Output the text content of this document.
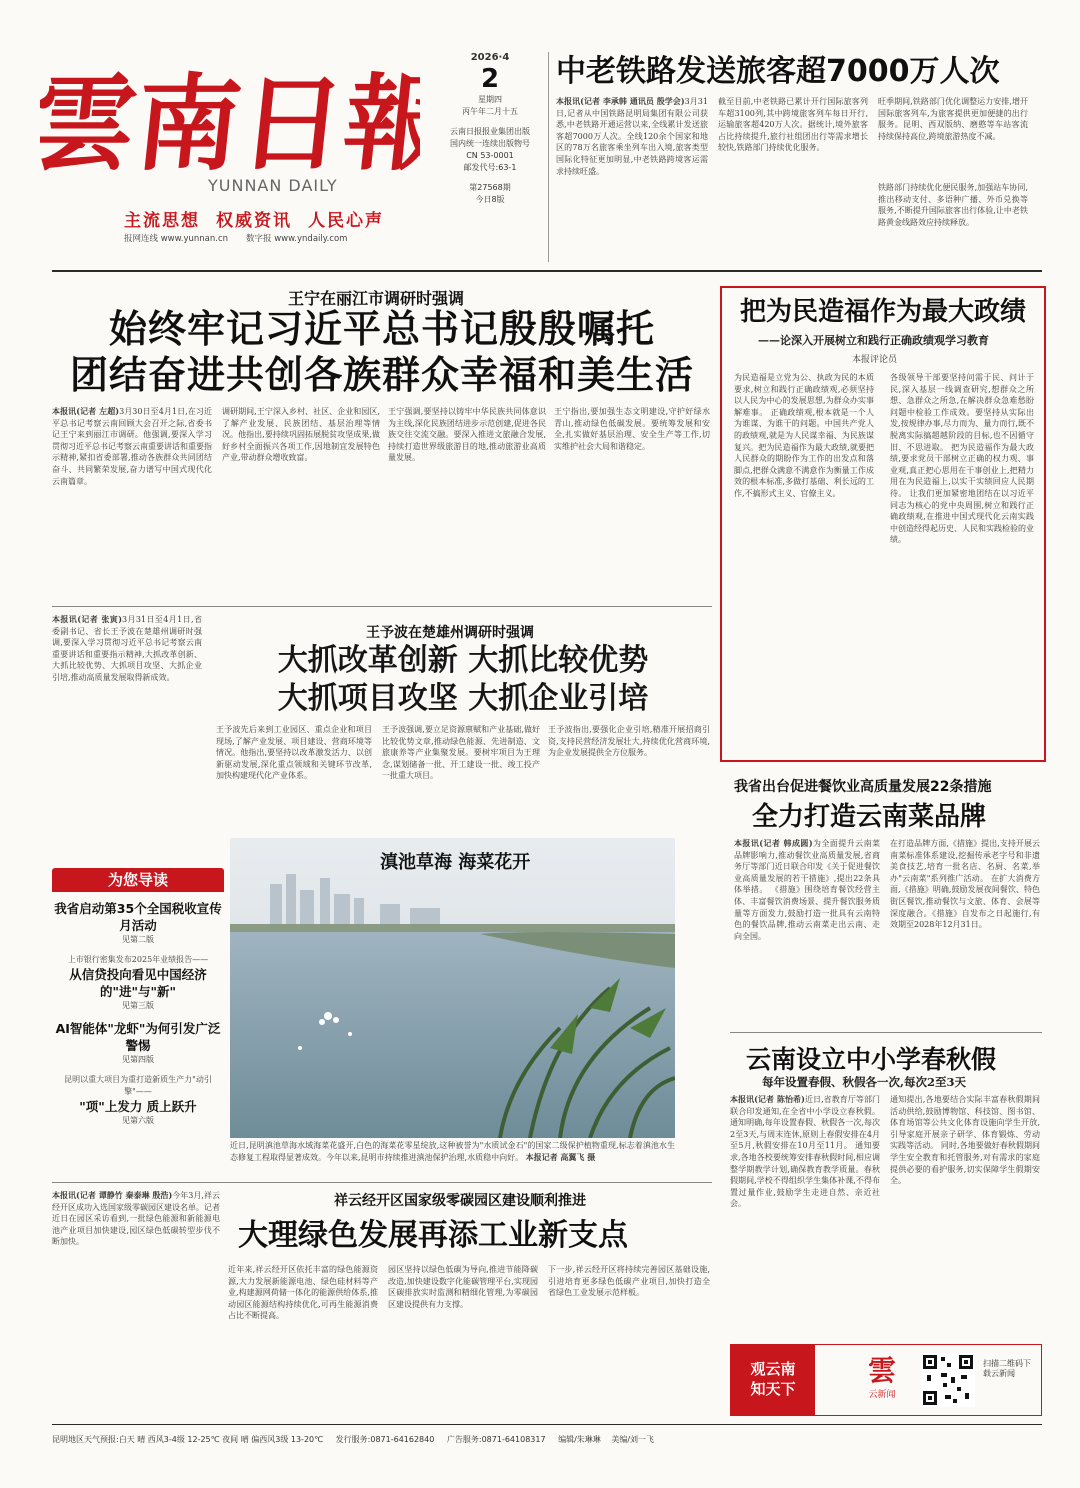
雲南日報
YUNNAN DAILY
主流思想 权威资讯 人民心声
报网连线 www.yunnan.cn 数字报 www.yndaily.com
2026·4
2
星期四
丙午年二月十五
云南日报报业集团出版
国内统一连续出版物号
CN 53-0001
邮发代号:63-1
第27568期
今日8版
中老铁路发送旅客超7000万人次
本报讯(记者 李承韩 通讯员 殷学会)3月31日,记者从中国铁路昆明局集团有限公司获悉,中老铁路开通运营以来,全线累计发送旅客超7000万人次。全线120余个国家和地区的78万名旅客乘坐列车出入境,旅客类型国际化特征更加明显,中老铁路跨境客运需求持续旺盛。
截至目前,中老铁路已累计开行国际旅客列车超3100列,其中跨境旅客列车每日开行,运输旅客超420万人次。据统计,境外旅客占比持续提升,旅行社组团出行等需求增长较快,铁路部门持续优化服务。
旺季期间,铁路部门优化调整运力安排,增开国际旅客列车,为旅客提供更加便捷的出行服务。昆明、西双版纳、磨憨等车站客流持续保持高位,跨境旅游热度不减。
铁路部门持续优化便民服务,加强站车协同,推出移动支付、多语种广播、外币兑换等服务,不断提升国际旅客出行体验,让中老铁路黄金线路效应持续释放。
王宁在丽江市调研时强调
始终牢记习近平总书记殷殷嘱托
团结奋进共创各族群众幸福和美生活
本报讯(记者 左超)3月30日至4月1日,在习近平总书记考察云南回顾大会召开之际,省委书记王宁来到丽江市调研。他强调,要深入学习贯彻习近平总书记考察云南重要讲话和重要指示精神,紧扣省委部署,推动各族群众共同团结奋斗、共同繁荣发展,奋力谱写中国式现代化云南篇章。
调研期间,王宁深入乡村、社区、企业和园区,了解产业发展、民族团结、基层治理等情况。他指出,要持续巩固拓展脱贫攻坚成果,做好乡村全面振兴各项工作,因地制宜发展特色产业,带动群众增收致富。
王宁强调,要坚持以铸牢中华民族共同体意识为主线,深化民族团结进步示范创建,促进各民族交往交流交融。要深入推进文旅融合发展,持续打造世界级旅游目的地,推动旅游业高质量发展。
王宁指出,要加强生态文明建设,守护好绿水青山,推动绿色低碳发展。要统筹发展和安全,扎实做好基层治理、安全生产等工作,切实维护社会大局和谐稳定。
把为民造福作为最大政绩
——论深入开展树立和践行正确政绩观学习教育
本报评论员
为民造福是立党为公、执政为民的本质要求,树立和践行正确政绩观,必须坚持以人民为中心的发展思想,为群众办实事解难事。 正确政绩观,根本就是一个人为谁谋、为谁干的问题。中国共产党人的政绩观,就是为人民谋幸福、为民族谋复兴。把为民造福作为最大政绩,就要把人民群众的期盼作为工作的出发点和落脚点,把群众满意不满意作为衡量工作成效的根本标准,多做打基础、利长远的工作,不搞形式主义、官僚主义。
各级领导干部要坚持问需于民、问计于民,深入基层一线调查研究,想群众之所想、急群众之所急,在解决群众急难愁盼问题中检验工作成效。要坚持从实际出发,按规律办事,尽力而为、量力而行,既不脱离实际搞超越阶段的目标,也不因循守旧、不思进取。 把为民造福作为最大政绩,要求党员干部树立正确的权力观、事业观,真正把心思用在干事创业上,把精力用在为民造福上,以实干实绩回应人民期待。 让我们更加紧密地团结在以习近平同志为核心的党中央周围,树立和践行正确政绩观,在推进中国式现代化云南实践中创造经得起历史、人民和实践检验的业绩。
本报讯(记者 张寅)3月31日至4月1日,省委副书记、省长王予波在楚雄州调研时强调,要深入学习贯彻习近平总书记考察云南重要讲话和重要指示精神,大抓改革创新、大抓比较优势、大抓项目攻坚、大抓企业引培,推动高质量发展取得新成效。
王予波在楚雄州调研时强调
大抓改革创新 大抓比较优势
大抓项目攻坚 大抓企业引培
王予波先后来到工业园区、重点企业和项目现场,了解产业发展、项目建设、营商环境等情况。他指出,要坚持以改革激发活力、以创新驱动发展,深化重点领域和关键环节改革,加快构建现代化产业体系。
王予波强调,要立足资源禀赋和产业基础,做好比较优势文章,推动绿色能源、先进制造、文旅康养等产业集聚发展。要树牢项目为王理念,谋划储备一批、开工建设一批、竣工投产一批重大项目。
王予波指出,要强化企业引培,精准开展招商引资,支持民营经济发展壮大,持续优化营商环境,为企业发展提供全方位服务。
我省出台促进餐饮业高质量发展22条措施
全力打造云南菜品牌
本报讯(记者 韩成圆)为全面提升云南菜品牌影响力,推动餐饮业高质量发展,省商务厅等部门近日联合印发《关于促进餐饮业高质量发展的若干措施》,提出22条具体举措。 《措施》围绕培育餐饮经营主体、丰富餐饮消费场景、提升餐饮服务质量等方面发力,鼓励打造一批具有云南特色的餐饮品牌,推动云南菜走出云南、走向全国。
在打造品牌方面,《措施》提出,支持开展云南菜标准体系建设,挖掘传承老字号和非遗美食技艺,培育一批名店、名厨、名菜,举办"云南菜"系列推广活动。 在扩大消费方面,《措施》明确,鼓励发展夜间餐饮、特色街区餐饮,推动餐饮与文旅、体育、会展等深度融合。《措施》自发布之日起施行,有效期至2028年12月31日。
为您导读
我省启动第35个全国税收宣传月活动
见第二版
上市银行密集发布2025年业绩报告——
从信贷投向看见中国经济的"进"与"新"
见第三版
AI智能体"龙虾"为何引发广泛警惕
见第四版
昆明以重大项目为重打造新质生产力"动引擎"——
"项"上发力 质上跃升
见第六版
滇池草海 海菜花开
近日,昆明滇池草海水域海菜花盛开,白色的海菜花零星绽放,这种被誉为"水质试金石"的国家二级保护植物重现,标志着滇池水生态修复工程取得显著成效。今年以来,昆明市持续推进滇池保护治理,水质稳中向好。 本报记者 高翼飞 摄
云南设立中小学春秋假
每年设置春假、秋假各一次,每次2至3天
本报讯(记者 陈怡希)近日,省教育厅等部门联合印发通知,在全省中小学设立春秋假。通知明确,每年设置春假、秋假各一次,每次2至3天,与周末连休,原则上春假安排在4月至5月,秋假安排在10月至11月。 通知要求,各地各校要统筹安排春秋假时间,相应调整学期教学计划,确保教育教学质量。春秋假期间,学校不得组织学生集体补课,不得布置过量作业,鼓励学生走进自然、亲近社会。
通知提出,各地要结合实际丰富春秋假期间活动供给,鼓励博物馆、科技馆、图书馆、体育场馆等公共文化体育设施向学生开放,引导家庭开展亲子研学、体育锻炼、劳动实践等活动。 同时,各地要做好春秋假期间学生安全教育和托管服务,对有需求的家庭提供必要的看护服务,切实保障学生假期安全。
本报讯(记者 谭静竹 秦泰琳 殷浩)今年3月,祥云经开区成功入选国家级零碳园区建设名单。记者近日在园区采访看到,一批绿色能源和新能源电池产业项目加快建设,园区绿色低碳转型步伐不断加快。
祥云经开区国家级零碳园区建设顺利推进
大理绿色发展再添工业新支点
近年来,祥云经开区依托丰富的绿色能源资源,大力发展新能源电池、绿色硅材料等产业,构建源网荷储一体化的能源供给体系,推动园区能源结构持续优化,可再生能源消费占比不断提高。
园区坚持以绿色低碳为导向,推进节能降碳改造,加快建设数字化能碳管理平台,实现园区碳排放实时监测和精细化管理,为零碳园区建设提供有力支撑。
下一步,祥云经开区将持续完善园区基础设施,引进培育更多绿色低碳产业项目,加快打造全省绿色工业发展示范样板。
观云南
知天下
雲
云新闻
扫描二维码下载云新闻
昆明地区天气预报:白天 晴 西风3-4级 12-25℃ 夜间 晴 偏西风3级 13-20℃ 发行服务:0871-64162840 广告服务:0871-64108317 编辑/朱琳琳 美编/刘一飞
